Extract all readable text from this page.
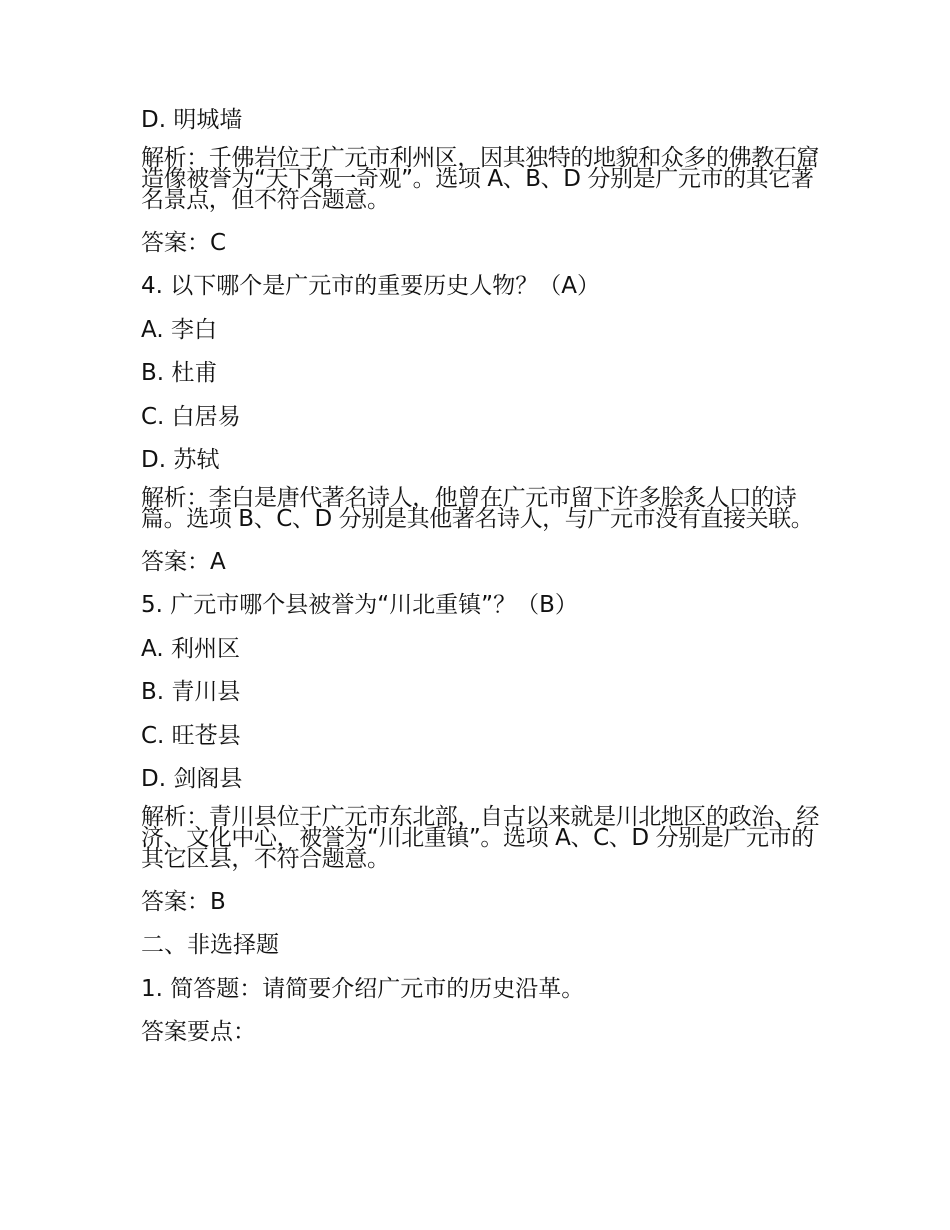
D. 明城墙
解析：千佛岩位于广元市利州区，因其独特的地貌和众多的佛教石窟造像被誉为“天下第一奇观”。选项 A、B、D 分别是广元市的其它著名景点，但不符合题意。
答案：C
4. 以下哪个是广元市的重要历史人物？（A）
A. 李白
B. 杜甫
C. 白居易
D. 苏轼
解析：李白是唐代著名诗人，他曾在广元市留下许多脍炙人口的诗篇。选项 B、C、D 分别是其他著名诗人，与广元市没有直接关联。
答案：A
5. 广元市哪个县被誉为“川北重镇”？（B）
A. 利州区
B. 青川县
C. 旺苍县
D. 剑阁县
解析：青川县位于广元市东北部，自古以来就是川北地区的政治、经济、文化中心，被誉为“川北重镇”。选项 A、C、D 分别是广元市的其它区县，不符合题意。
答案：B
二、非选择题
1. 简答题：请简要介绍广元市的历史沿革。
答案要点：
